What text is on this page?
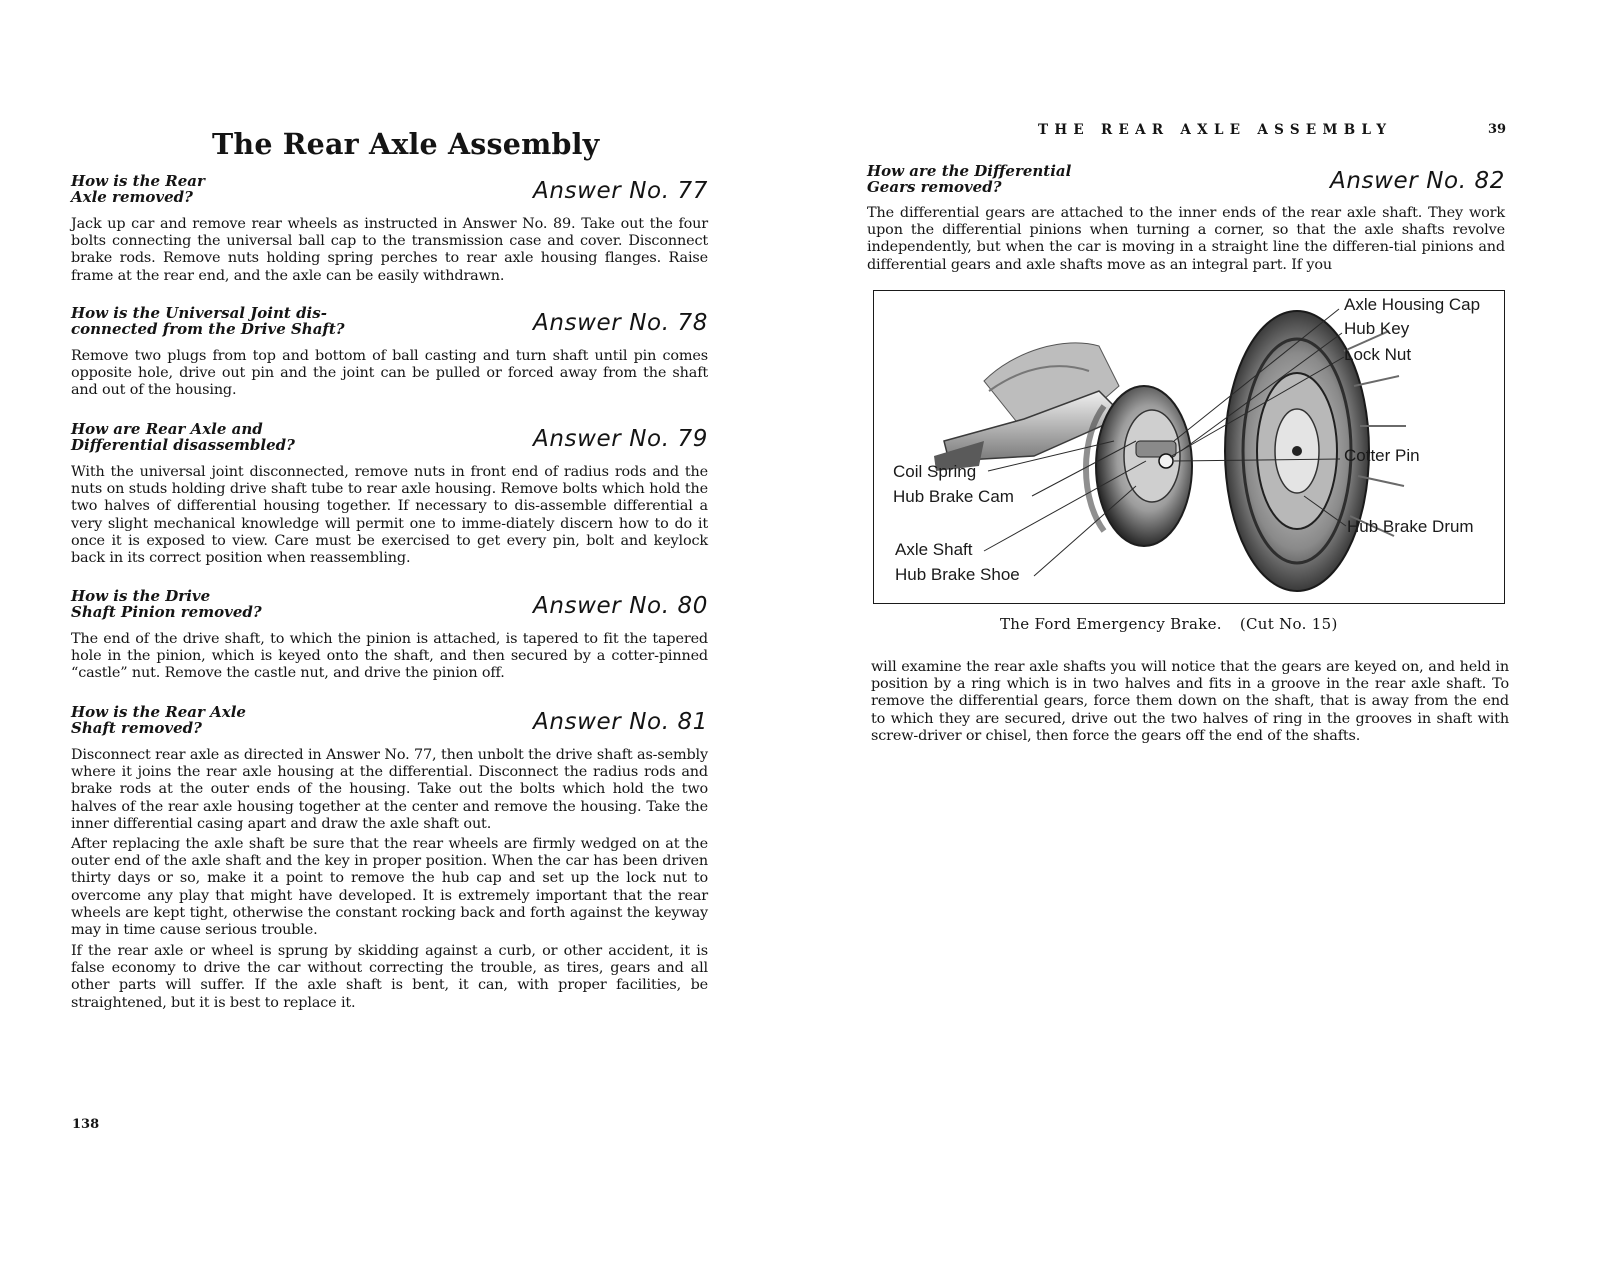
The Rear Axle Assembly
How is the Rear
Axle removed?	Answer No. 77

Jack up car and remove rear wheels as instructed in Answer No. 89. Take out the four bolts connecting the universal ball cap to the transmission case and cover. Disconnect brake rods. Remove nuts holding spring perches to rear axle housing flanges. Raise frame at the rear end, and the axle can be easily withdrawn.

How is the Universal Joint dis-
connected from the Drive Shaft?	Answer No. 78

Remove two plugs from top and bottom of ball casting and turn shaft until pin comes opposite hole, drive out pin and the joint can be pulled or forced away from the shaft and out of the housing.

How are Rear Axle and
Differential disassembled?	Answer No. 79

With the universal joint disconnected, remove nuts in front end of radius rods and the nuts on studs holding drive shaft tube to rear axle housing. Remove bolts which hold the two halves of differential housing together. If necessary to dis-assemble differential a very slight mechanical knowledge will permit one to imme-diately discern how to do it once it is exposed to view. Care must be exercised to get every pin, bolt and keylock back in its correct position when reassembling.

How is the Drive
Shaft Pinion removed?	Answer No. 80

The end of the drive shaft, to which the pinion is attached, is tapered to fit the tapered hole in the pinion, which is keyed onto the shaft, and then secured by a cotter-pinned “castle” nut. Remove the castle nut, and drive the pinion off.

How is the Rear Axle
Shaft removed?	Answer No. 81

Disconnect rear axle as directed in Answer No. 77, then unbolt the drive shaft as-sembly where it joins the rear axle housing at the differential. Disconnect the radius rods and brake rods at the outer ends of the housing. Take out the bolts which hold the two halves of the rear axle housing together at the center and remove the housing. Take the inner differential casing apart and draw the axle shaft out.

After replacing the axle shaft be sure that the rear wheels are firmly wedged on at the outer end of the axle shaft and the key in proper position. When the car has been driven thirty days or so, make it a point to remove the hub cap and set up the lock nut to overcome any play that might have developed. It is extremely important that the rear wheels are kept tight, otherwise the constant rocking back and forth against the keyway may in time cause serious trouble.

If the rear axle or wheel is sprung by skidding against a curb, or other accident, it is false economy to drive the car without correcting the trouble, as tires, gears and all other parts will suffer. If the axle shaft is bent, it can, with proper facilities, be straightened, but it is best to replace it.

138
THE REAR AXLE ASSEMBLY	39
How are the Differential
Gears removed?	Answer No. 82

The differential gears are attached to the inner ends of the rear axle shaft. They work upon the differential pinions when turning a corner, so that the axle shafts revolve independently, but when the car is moving in a straight line the differen-tial pinions and differential gears and axle shafts move as an integral part. If you

Axle Housing Cap
Hub Key
Lock Nut
Cotter Pin
Hub Brake Drum
Coil Spring
Hub Brake Cam
Axle Shaft
Hub Brake Shoe
The Ford Emergency Brake. (Cut No. 15)

will examine the rear axle shafts you will notice that the gears are keyed on, and held in position by a ring which is in two halves and fits in a groove in the rear axle shaft. To remove the differential gears, force them down on the shaft, that is away from the end to which they are secured, drive out the two halves of ring in the grooves in shaft with screw-driver or chisel, then force the gears off the end of the shafts.
